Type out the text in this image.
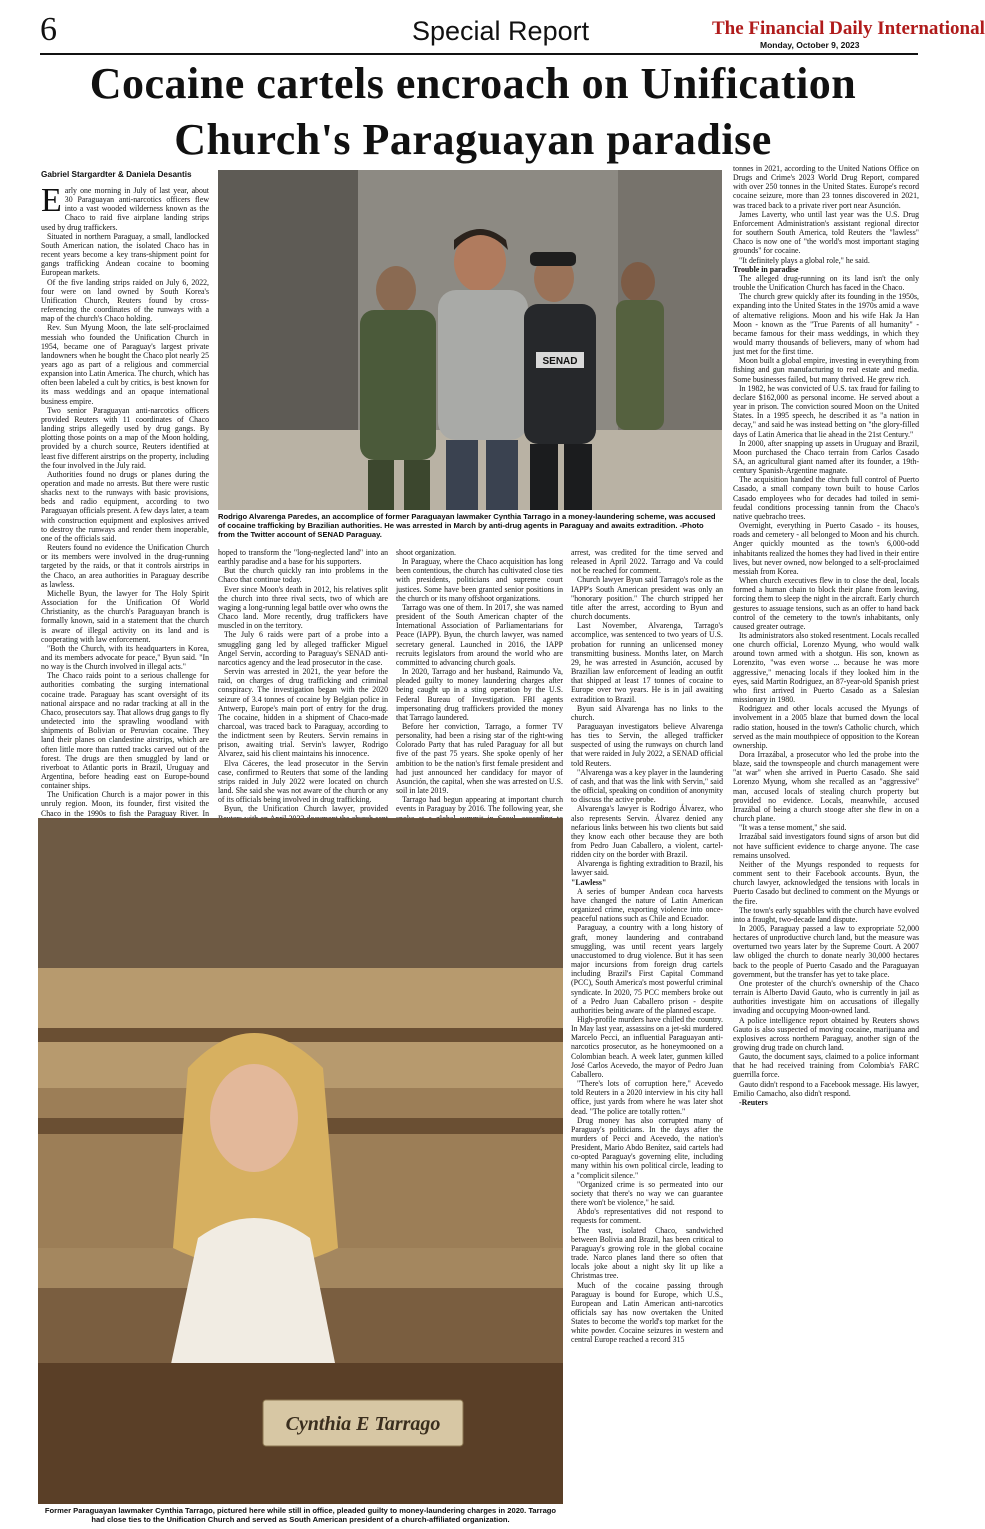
6	Special Report	The Financial Daily International
Monday, October 9, 2023
Cocaine cartels encroach on Unification Church's Paraguayan paradise
Gabriel Stargardter & Daniela Desantis

Early one morning in July of last year, about 30 Paraguayan anti-narcotics officers flew into a vast wooded wilderness known as the Chaco to raid five airplane landing strips used by drug traffickers.

Situated in northern Paraguay, a small, landlocked South American nation, the isolated Chaco has in recent years become a key trans-shipment point for gangs trafficking Andean cocaine to booming European markets.

Of the five landing strips raided on July 6, 2022, four were on land owned by South Korea's Unification Church, Reuters found by cross-referencing the coordinates of the runways with a map of the church's Chaco holding.

Rev. Sun Myung Moon, the late self-proclaimed messiah who founded the Unification Church in 1954, became one of Paraguay's largest private landowners when he bought the Chaco plot nearly 25 years ago as part of a religious and commercial expansion into Latin America. The church, which has often been labeled a cult by critics, is best known for its mass weddings and an opaque international business empire.

Two senior Paraguayan anti-narcotics officers provided Reuters with 11 coordinates of Chaco landing strips allegedly used by drug gangs. By plotting those points on a map of the Moon holding, provided by a church source, Reuters identified at least five different airstrips on the property, including the four involved in the July raid.

Authorities found no drugs or planes during the operation and made no arrests. But there were rustic shacks next to the runways with basic provisions, beds and radio equipment, according to two Paraguayan officials present. A few days later, a team with construction equipment and explosives arrived to destroy the runways and render them inoperable, one of the officials said.

Reuters found no evidence the Unification Church or its members were involved in the drug-running targeted by the raids, or that it controls airstrips in the Chaco, an area authorities in Paraguay describe as lawless.

Michelle Byun, the lawyer for The Holy Spirit Association for the Unification Of World Christianity, as the church's Paraguayan branch is formally known, said in a statement that the church is aware of illegal activity on its land and is cooperating with law enforcement.

"Both the Church, with its headquarters in Korea, and its members advocate for peace," Byun said. "In no way is the Church involved in illegal acts."

The Chaco raids point to a serious challenge for authorities combating the surging international cocaine trade. Paraguay has scant oversight of its national airspace and no radar tracking at all in the Chaco, prosecutors say. That allows drug gangs to fly undetected into the sprawling woodland with shipments of Bolivian or Peruvian cocaine. They land their planes on clandestine airstrips, which are often little more than rutted tracks carved out of the forest. The drugs are then smuggled by land or riverboat to Atlantic ports in Brazil, Uruguay and Argentina, before heading east on Europe-bound container ships.

The Unification Church is a major power in this unruly region. Moon, its founder, first visited the Chaco in the 1990s to fish the Paraguay River. In

SENAD
Rodrigo Alvarenga Paredes, an accomplice of former Paraguayan lawmaker Cynthia Tarrago in a money-laundering scheme, was accused of cocaine trafficking by Brazilian authorities. He was arrested in March by anti-drug agents in Paraguay and awaits extradition. -Photo from the Twitter account of SENAD Paraguay.

hoped to transform the "long-neglected land" into an earthly paradise and a base for his supporters.

But the church quickly ran into problems in the Chaco that continue today.

Ever since Moon's death in 2012, his relatives split the church into three rival sects, two of which are waging a long-running legal battle over who owns the Chaco land. More recently, drug traffickers have muscled in on the territory.

The July 6 raids were part of a probe into a smuggling gang led by alleged trafficker Miguel Angel Servin, according to Paraguay's SENAD anti-narcotics agency and the lead prosecutor in the case.

Servin was arrested in 2021, the year before the raid, on charges of drug trafficking and criminal conspiracy. The investigation began with the 2020 seizure of 3.4 tonnes of cocaine by Belgian police in Antwerp, Europe's main port of entry for the drug. The cocaine, hidden in a shipment of Chaco-made charcoal, was traced back to Paraguay, according to the indictment seen by Reuters. Servin remains in prison, awaiting trial. Servin's lawyer, Rodrigo Alvarez, said his client maintains his innocence.

Elva Cáceres, the lead prosecutor in the Servin case, confirmed to Reuters that some of the landing strips raided in July 2022 were located on church land. She said she was not aware of the church or any of its officials being involved in drug trafficking.

Byun, the Unification Church lawyer, provided

shoot organization.

In Paraguay, where the Chaco acquisition has long been contentious, the church has cultivated close ties with presidents, politicians and supreme court justices. Some have been granted senior positions in the church or its many offshoot organizations.

Tarrago was one of them. In 2017, she was named president of the South American chapter of the International Association of Parliamentarians for Peace (IAPP). Byun, the church lawyer, was named secretary general. Launched in 2016, the IAPP recruits legislators from around the world who are committed to advancing church goals.

In 2020, Tarrago and her husband, Raimundo Va, pleaded guilty to money laundering charges after being caught up in a sting operation by the U.S. Federal Bureau of Investigation. FBI agents impersonating drug traffickers provided the money that Tarrago laundered.

Before her conviction, Tarrago, a former TV personality, had been a rising star of the right-wing Colorado Party that has ruled Paraguay for all but five of the past 75 years. She spoke openly of her ambition to be the nation's first female president and had just announced her candidacy for mayor of Asunción, the capital, when she was arrested on U.S. soil in late 2019.

Tarrago had begun appearing at important church events in Paraguay by 2016. The following year, she

Cynthia E Tarrago
Former Paraguayan lawmaker Cynthia Tarrago, pictured here while still in office, pleaded guilty to money-laundering charges in 2020. Tarrago had close ties to the Unification Church and served as South American president of a church-affiliated organization.

arrest, was credited for the time served and released in April 2022. Tarrago and Va could not be reached for comment.

Church lawyer Byun said Tarrago's role as the IAPP's South American president was only an "honorary position." The church stripped her title after the arrest, according to Byun and church documents.

Last November, Alvarenga, Tarrago's accomplice, was sentenced to two years of U.S. probation for running an unlicensed money transmitting business. Months later, on March 29, he was arrested in Asunción, accused by Brazilian law enforcement of leading an outfit that shipped at least 17 tonnes of cocaine to Europe over two years. He is in jail awaiting extradition to Brazil.

Byun said Alvarenga has no links to the church.

Paraguayan investigators believe Alvarenga has ties to Servin, the alleged trafficker suspected of using the runways on church land that were raided in July 2022, a SENAD official told Reuters.

"Alvarenga was a key player in the laundering of cash, and that was the link with Servin," said the official, speaking on condition of anonymity to discuss the active probe.

Alvarenga's lawyer is Rodrigo Álvarez, who also represents Servin. Álvarez denied any nefarious links between his two clients but said they know each other because they are both from Pedro Juan Caballero, a violent, cartel-ridden city on the border with Brazil.

Alvarenga is fighting extradition to Brazil, his lawyer said.

"Lawless"

A series of bumper Andean coca harvests have changed the nature of Latin American organized crime, exporting violence into once-peaceful nations such as Chile and Ecuador.

Paraguay, a country with a long history of graft, money laundering and contraband smuggling, was until recent years largely unaccustomed to drug violence. But it has seen major incursions from foreign drug cartels including Brazil's First Capital Command (PCC), South America's most powerful criminal syndicate. In 2020, 75 PCC members broke out of a Pedro Juan Caballero prison - despite authorities being aware of the planned escape.

High-profile murders have chilled the country. In May last year, assassins on a jet-ski murdered Marcelo Pecci, an influential Paraguayan anti-narcotics prosecutor, as he honeymooned on a Colombian beach. A week later, gunmen killed José Carlos Acevedo, the mayor of Pedro Juan Caballero.

"There's lots of corruption here," Acevedo told Reuters in a 2020 interview in his city hall office, just yards from where he was later shot dead. "The police are totally rotten."

Drug money has also corrupted many of Paraguay's politicians. In the days after the murders of Pecci and Acevedo, the nation's President, Mario Abdo Benítez, said cartels had co-opted Paraguay's governing elite, including many within his own political circle, leading to a "complicit silence."

"Organized crime is so permeated into our society that there's no way we can guarantee there won't be violence," he said.

Abdo's representatives did not respond to requests for comment.

The vast, isolated Chaco, sandwiched between Bolivia and Brazil, has been critical to Paraguay's growing role in the global cocaine trade. Narco planes land there so often that locals joke about a night sky lit up like a Christmas tree.

Much of the cocaine passing through Paraguay is bound for Europe, which U.S., European and Latin American anti-narcotics officials say has now overtaken the United States to become the world's top market for the white powder. Cocaine seizures in western and central Europe reached a record 315

tonnes in 2021, according to the United Nations Office on Drugs and Crime's 2023 World Drug Report, compared with over 250 tonnes in the United States. Europe's record cocaine seizure, more than 23 tonnes discovered in 2021, was traced back to a private river port near Asunción.

James Laverty, who until last year was the U.S. Drug Enforcement Administration's assistant regional director for southern South America, told Reuters the "lawless" Chaco is now one of "the world's most important staging grounds" for cocaine.

"It definitely plays a global role," he said.

Trouble in paradise

The alleged drug-running on its land isn't the only trouble the Unification Church has faced in the Chaco.

The church grew quickly after its founding in the 1950s, expanding into the United States in the 1970s amid a wave of alternative religions. Moon and his wife Hak Ja Han Moon - known as the "True Parents of all humanity" - became famous for their mass weddings, in which they would marry thousands of believers, many of whom had just met for the first time.

Moon built a global empire, investing in everything from fishing and gun manufacturing to real estate and media. Some businesses failed, but many thrived. He grew rich.

In 1982, he was convicted of U.S. tax fraud for failing to declare $162,000 as personal income. He served about a year in prison. The conviction soured Moon on the United States. In a 1995 speech, he described it as "a nation in decay," and said he was instead betting on "the glory-filled days of Latin America that lie ahead in the 21st Century."

In 2000, after snapping up assets in Uruguay and Brazil, Moon purchased the Chaco terrain from Carlos Casado SA, an agricultural giant named after its founder, a 19th-century Spanish-Argentine magnate.

The acquisition handed the church full control of Puerto Casado, a small company town built to house Carlos Casado employees who for decades had toiled in semi-feudal conditions processing tannin from the Chaco's native quebracho trees.

Overnight, everything in Puerto Casado - its houses, roads and cemetery - all belonged to Moon and his church. Anger quickly mounted as the town's 6,000-odd inhabitants realized the homes they had lived in their entire lives, but never owned, now belonged to a self-proclaimed messiah from Korea.

When church executives flew in to close the deal, locals formed a human chain to block their plane from leaving, forcing them to sleep the night in the aircraft. Early church gestures to assuage tensions, such as an offer to hand back control of the cemetery to the town's inhabitants, only caused greater outrage.

Its administrators also stoked resentment. Locals recalled one church official, Lorenzo Myung, who would walk around town armed with a shotgun. His son, known as Lorenzito, "was even worse ... because he was more aggressive," menacing locals if they looked him in the eyes, said Martin Rodriguez, an 87-year-old Spanish priest who first arrived in Puerto Casado as a Salesian missionary in 1980.

Rodriguez and other locals accused the Myungs of involvement in a 2005 blaze that burned down the local radio station, housed in the town's Catholic church, which served as the main mouthpiece of opposition to the Korean ownership.

Dora Irrazábal, a prosecutor who led the probe into the blaze, said the townspeople and church management were "at war" when she arrived in Puerto Casado. She said Lorenzo Myung, whom she recalled as an "aggressive" man, accused locals of stealing church property but provided no evidence. Locals, meanwhile, accused Irrazábal of being a church stooge after she flew in on a church plane.

"It was a tense moment," she said.

Irrazábal said investigators found signs of arson but did not have sufficient evidence to charge anyone. The case remains unsolved.

Neither of the Myungs responded to requests for comment sent to their Facebook accounts. Byun, the church lawyer, acknowledged the tensions with locals in Puerto Casado but declined to comment on the Myungs or the fire.

The town's early squabbles with the church have evolved into a fraught, two-decade land dispute.

In 2005, Paraguay passed a law to expropriate 52,000 hectares of unproductive church land, but the measure was overturned two years later by the Supreme Court. A 2007 law obliged the church to donate nearly 30,000 hectares back to the people of Puerto Casado and the Paraguayan government, but the transfer has yet to take place.

One protester of the church's ownership of the Chaco terrain is Alberto David Gauto, who is currently in jail as authorities investigate him on accusations of illegally invading and occupying Moon-owned land.

A police intelligence report obtained by Reuters shows Gauto is also suspected of moving cocaine, marijuana and explosives across northern Paraguay, another sign of the growing drug trade on church land.

Gauto, the document says, claimed to a police informant that he had received training from Colombia's FARC guerrilla force.

Gauto didn't respond to a Facebook message. His lawyer, Emilio Camacho, also didn't respond.

-Reuters
